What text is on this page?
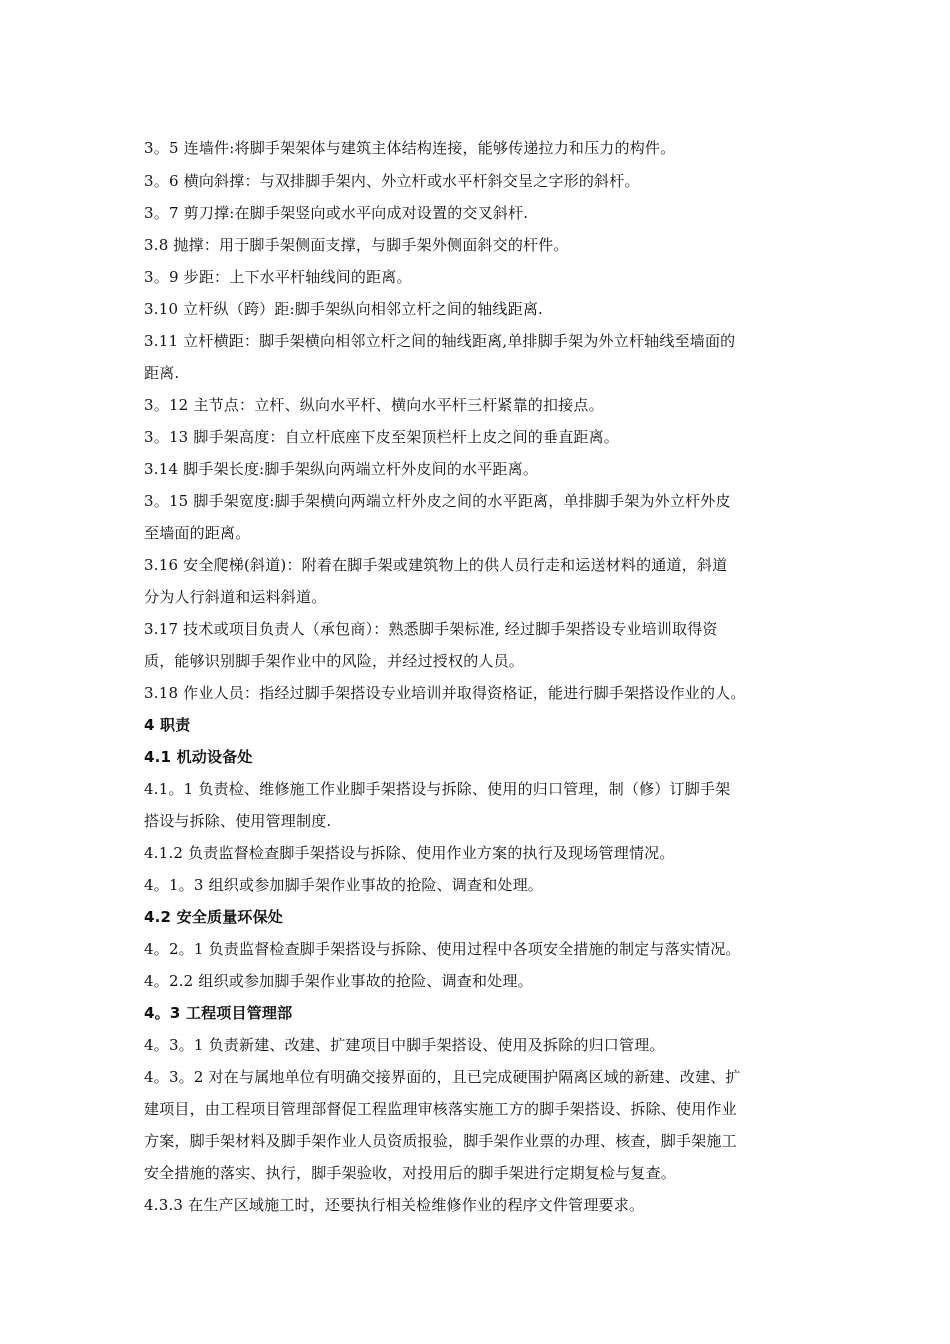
3。5 连墙件:将脚手架架体与建筑主体结构连接，能够传递拉力和压力的构件。
3。6 横向斜撑：与双排脚手架内、外立杆或水平杆斜交呈之字形的斜杆。
3。7 剪刀撑:在脚手架竖向或水平向成对设置的交叉斜杆.
3.8 抛撑：用于脚手架侧面支撑，与脚手架外侧面斜交的杆件。
3。9 步距：上下水平杆轴线间的距离。
3.10 立杆纵（跨）距:脚手架纵向相邻立杆之间的轴线距离.
3.11 立杆横距：脚手架横向相邻立杆之间的轴线距离,单排脚手架为外立杆轴线至墙面的
距离.
3。12 主节点：立杆、纵向水平杆、横向水平杆三杆紧靠的扣接点。
3。13 脚手架高度：自立杆底座下皮至架顶栏杆上皮之间的垂直距离。
3.14 脚手架长度:脚手架纵向两端立杆外皮间的水平距离。
3。15 脚手架宽度:脚手架横向两端立杆外皮之间的水平距离，单排脚手架为外立杆外皮
至墙面的距离。
3.16 安全爬梯(斜道)：附着在脚手架或建筑物上的供人员行走和运送材料的通道，斜道
分为人行斜道和运料斜道。
3.17 技术或项目负责人（承包商）：熟悉脚手架标准, 经过脚手架搭设专业培训取得资
质，能够识别脚手架作业中的风险，并经过授权的人员。
3.18 作业人员：指经过脚手架搭设专业培训并取得资格证，能进行脚手架搭设作业的人。
4 职责
4.1 机动设备处
4.1。1 负责检、维修施工作业脚手架搭设与拆除、使用的归口管理，制（修）订脚手架
搭设与拆除、使用管理制度.
4.1.2 负责监督检查脚手架搭设与拆除、使用作业方案的执行及现场管理情况。
4。1。3 组织或参加脚手架作业事故的抢险、调查和处理。
4.2 安全质量环保处
4。2。1 负责监督检查脚手架搭设与拆除、使用过程中各项安全措施的制定与落实情况。
4。2.2 组织或参加脚手架作业事故的抢险、调查和处理。
4。3 工程项目管理部
4。3。1 负责新建、改建、扩建项目中脚手架搭设、使用及拆除的归口管理。
4。3。2 对在与属地单位有明确交接界面的，且已完成硬围护隔离区域的新建、改建、扩
建项目，由工程项目管理部督促工程监理审核落实施工方的脚手架搭设、拆除、使用作业
方案，脚手架材料及脚手架作业人员资质报验，脚手架作业票的办理、核查，脚手架施工
安全措施的落实、执行，脚手架验收，对投用后的脚手架进行定期复检与复查。
4.3.3 在生产区域施工时，还要执行相关检维修作业的程序文件管理要求。
